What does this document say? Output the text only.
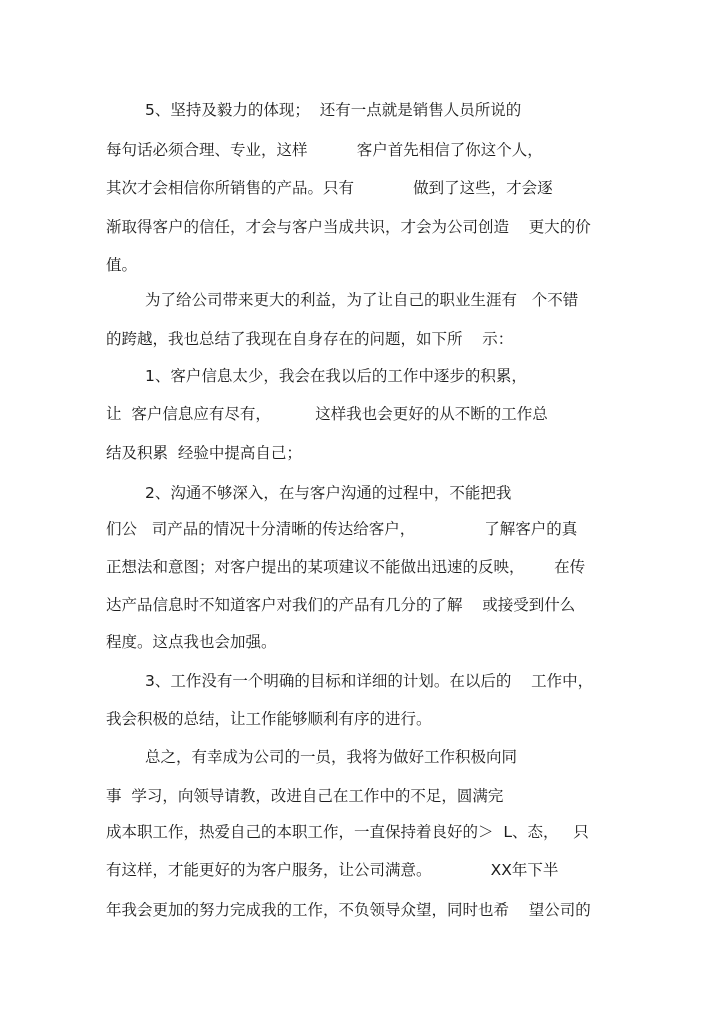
5、坚持及毅力的体现；  还有一点就是销售人员所说的
每句话必须合理、专业，这样          客户首先相信了你这个人，
其次才会相信你所销售的产品。只有            做到了这些，才会逐
渐取得客户的信任，才会与客户当成共识，才会为公司创造    更大的价
值。
为了给公司带来更大的利益，为了让自己的职业生涯有   个不错
的跨越，我也总结了我现在自身存在的问题，如下所    示：
1、客户信息太少，我会在我以后的工作中逐步的积累，
让  客户信息应有尽有，         这样我也会更好的从不断的工作总
结及积累  经验中提高自己；
2、沟通不够深入，在与客户沟通的过程中，不能把我
们公   司产品的情况十分清晰的传达给客户，              了解客户的真
正想法和意图；对客户提出的某项建议不能做出迅速的反映，      在传
达产品信息时不知道客户对我们的产品有几分的了解    或接受到什么
程度。这点我也会加强。
3、工作没有一个明确的目标和详细的计划。在以后的    工作中，
我会积极的总结，让工作能够顺利有序的进行。
总之，有幸成为公司的一员，我将为做好工作积极向同
事  学习，向领导请教，改进自己在工作中的不足，圆满完
成本职工作，热爱自己的本职工作，一直保持着良好的＞  L、态，   只
有这样，才能更好的为客户服务，让公司满意。            XX年下半
年我会更加的努力完成我的工作，不负领导众望，同时也希    望公司的
